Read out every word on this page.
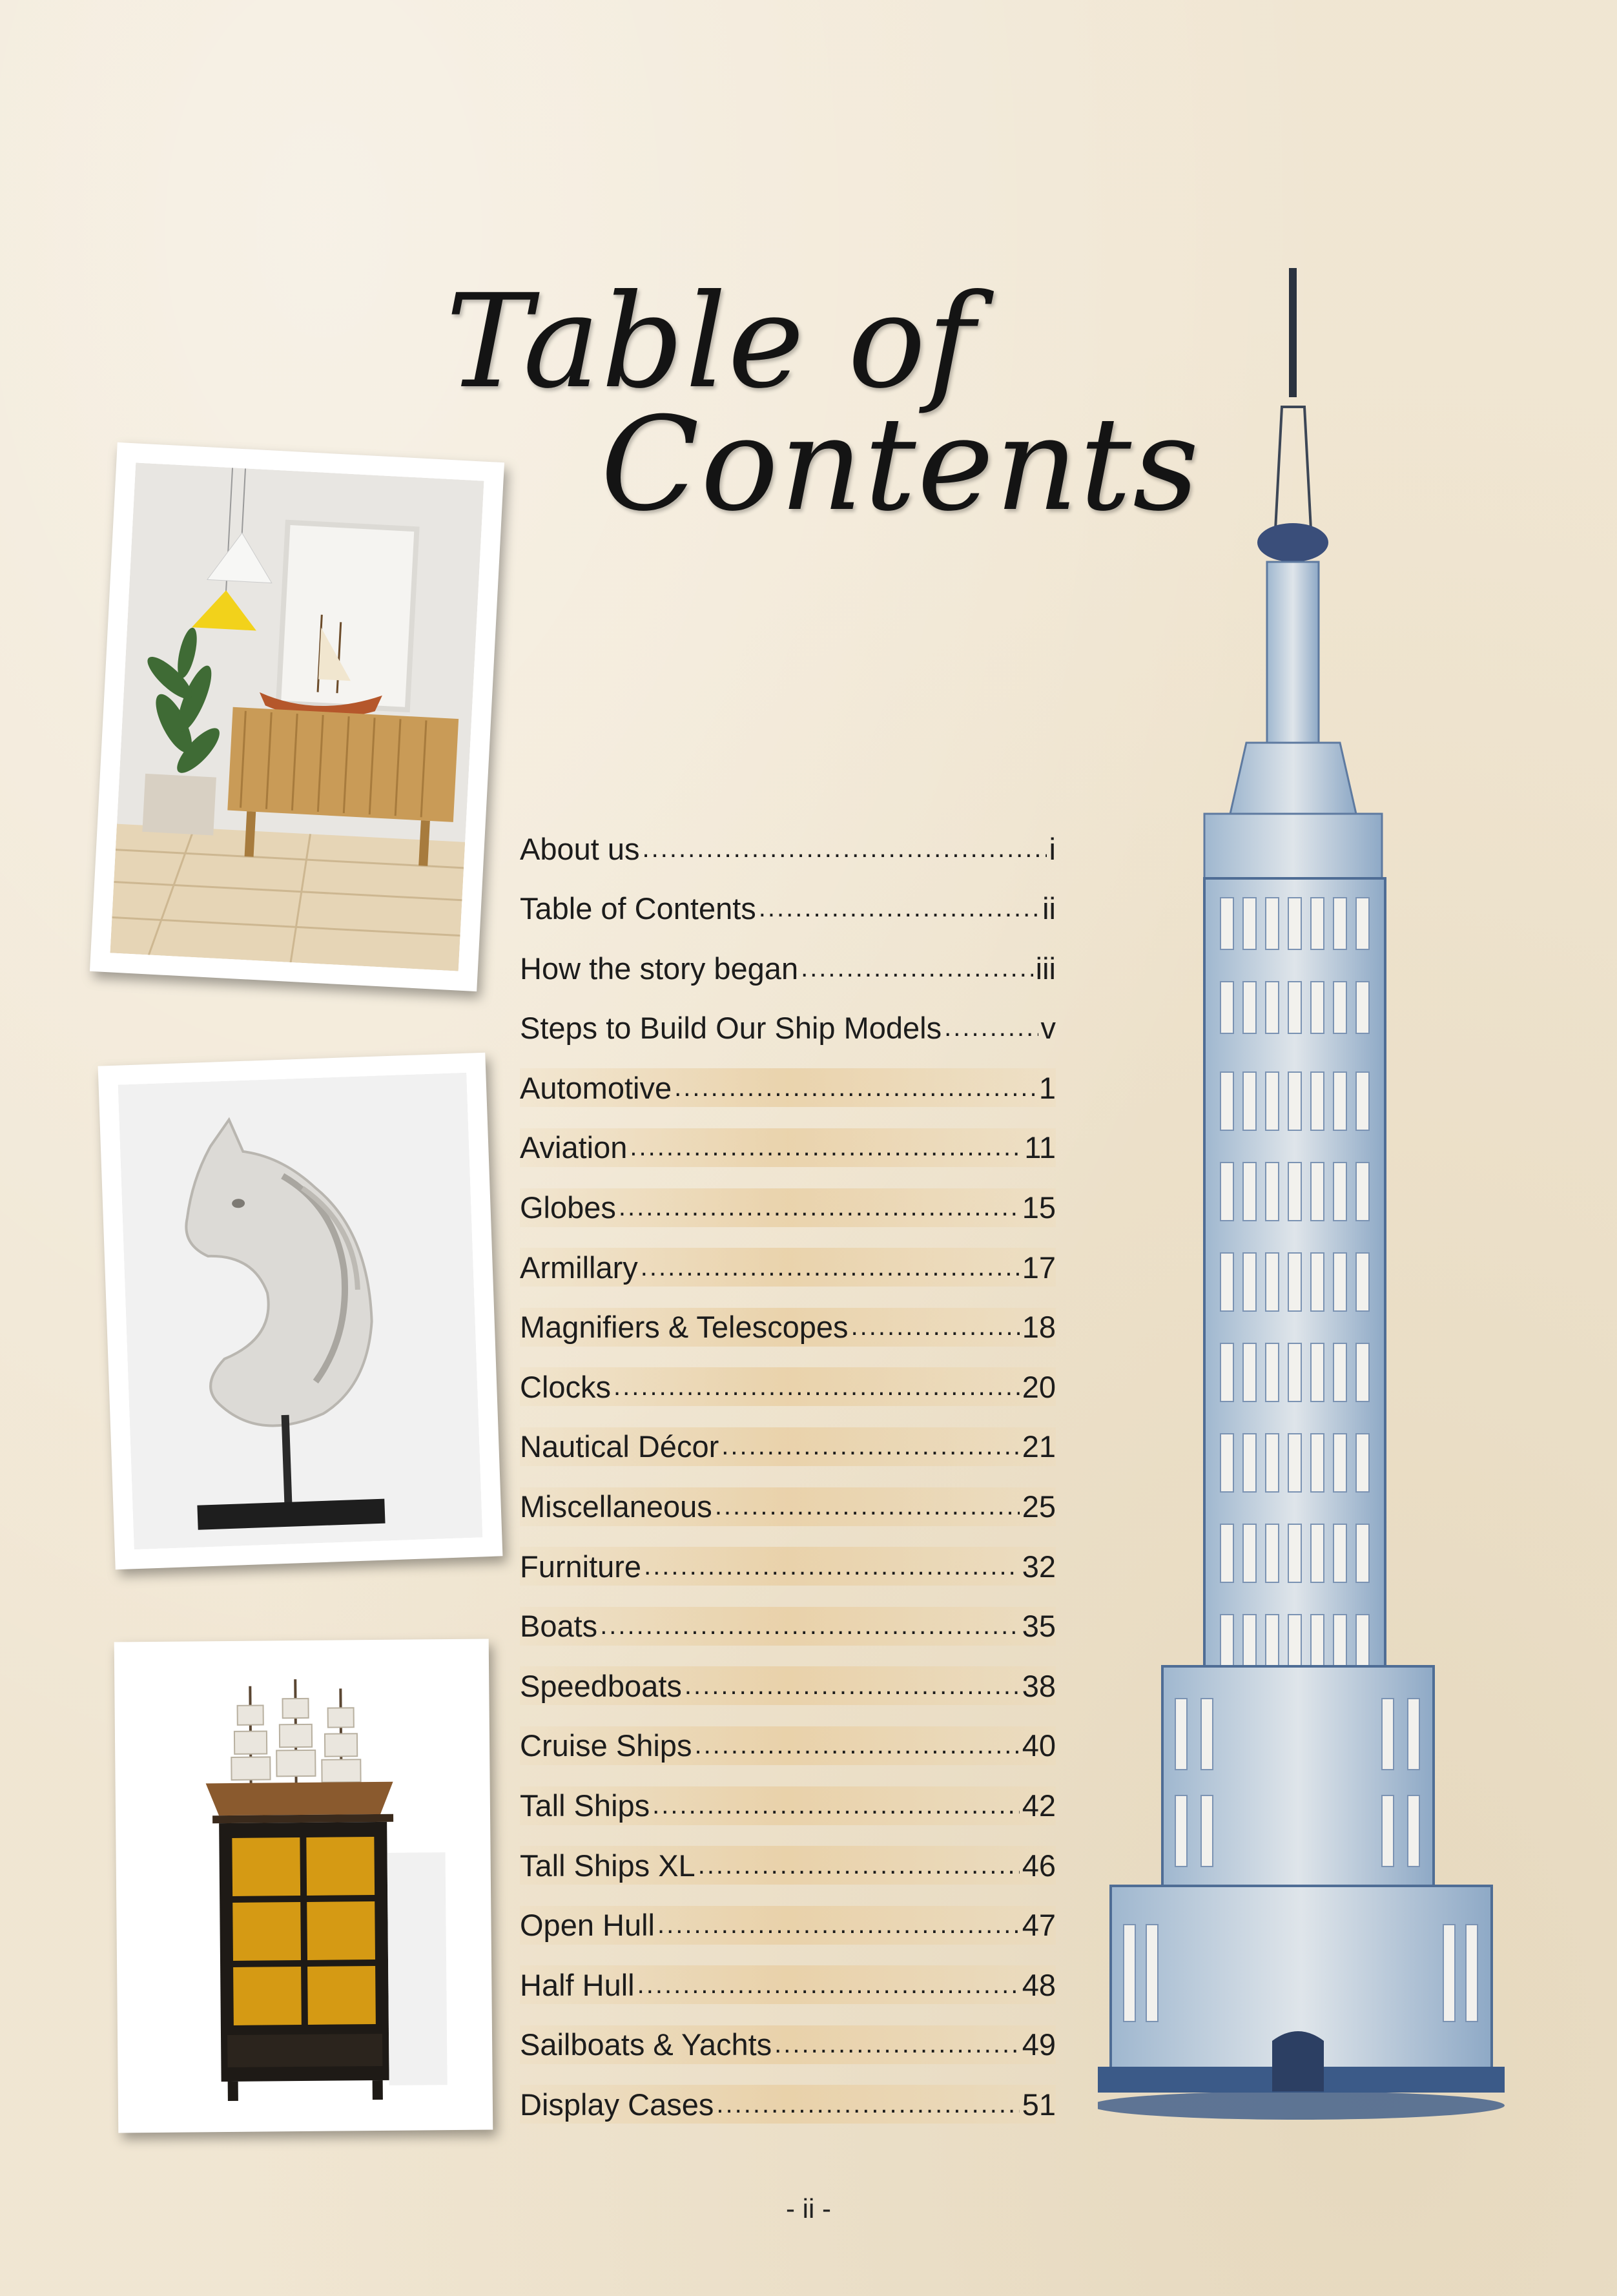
Table of
Contents
About us .....	i
Table of Contents .....	ii
How the story began .....	iii
Steps to Build Our Ship Models .....	v
Automotive .....	1
Aviation .....	11
Globes .....	15
Armillary .....	17
Magnifiers & Telescopes .....	18
Clocks .....	20
Nautical Décor .....	21
Miscellaneous .....	25
Furniture .....	32
Boats .....	35
Speedboats .....	38
Cruise Ships .....	40
Tall Ships .....	42
Tall Ships XL .....	46
Open Hull .....	47
Half Hull .....	48
Sailboats & Yachts .....	49
Display Cases .....	51
- ii -
